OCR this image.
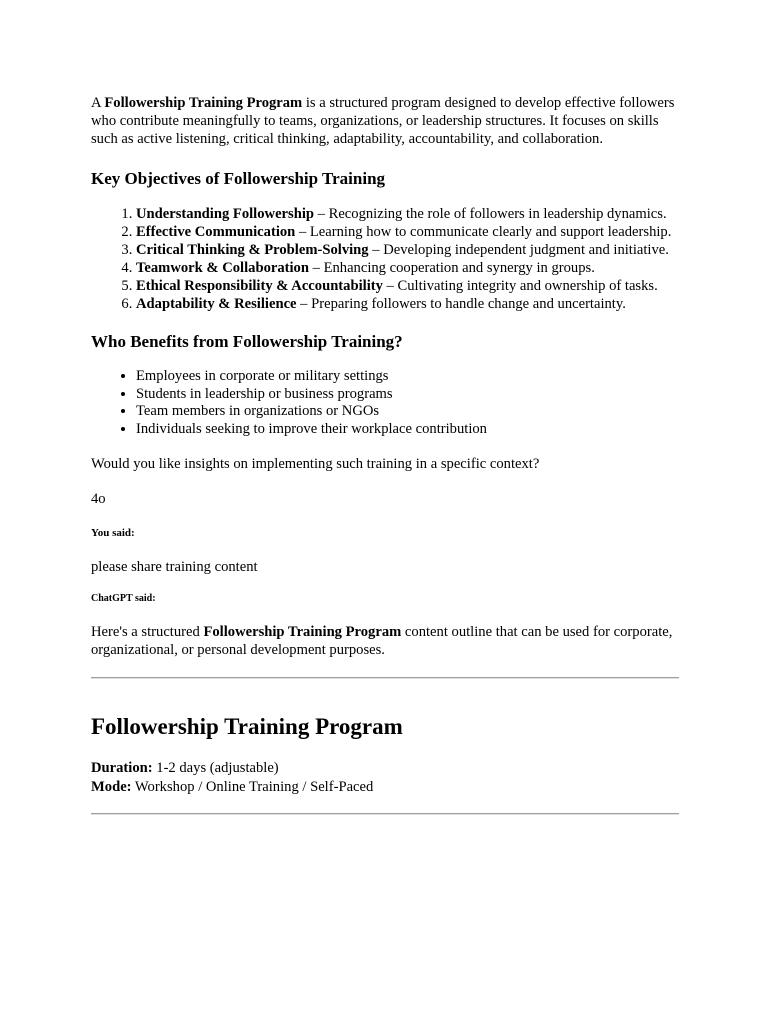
A Followership Training Program is a structured program designed to develop effective followers who contribute meaningfully to teams, organizations, or leadership structures. It focuses on skills such as active listening, critical thinking, adaptability, accountability, and collaboration.

Key Objectives of Followership Training
1. Understanding Followership – Recognizing the role of followers in leadership dynamics.
2. Effective Communication – Learning how to communicate clearly and support leadership.
3. Critical Thinking & Problem-Solving – Developing independent judgment and initiative.
4. Teamwork & Collaboration – Enhancing cooperation and synergy in groups.
5. Ethical Responsibility & Accountability – Cultivating integrity and ownership of tasks.
6. Adaptability & Resilience – Preparing followers to handle change and uncertainty.
Who Benefits from Followership Training?
• Employees in corporate or military settings
• Students in leadership or business programs
• Team members in organizations or NGOs
• Individuals seeking to improve their workplace contribution

Would you like insights on implementing such training in a specific context?

4o

You said:

please share training content

ChatGPT said:

Here's a structured Followership Training Program content outline that can be used for corporate, organizational, or personal development purposes.

Followership Training Program
Duration: 1-2 days (adjustable)
Mode: Workshop / Online Training / Self-Paced
